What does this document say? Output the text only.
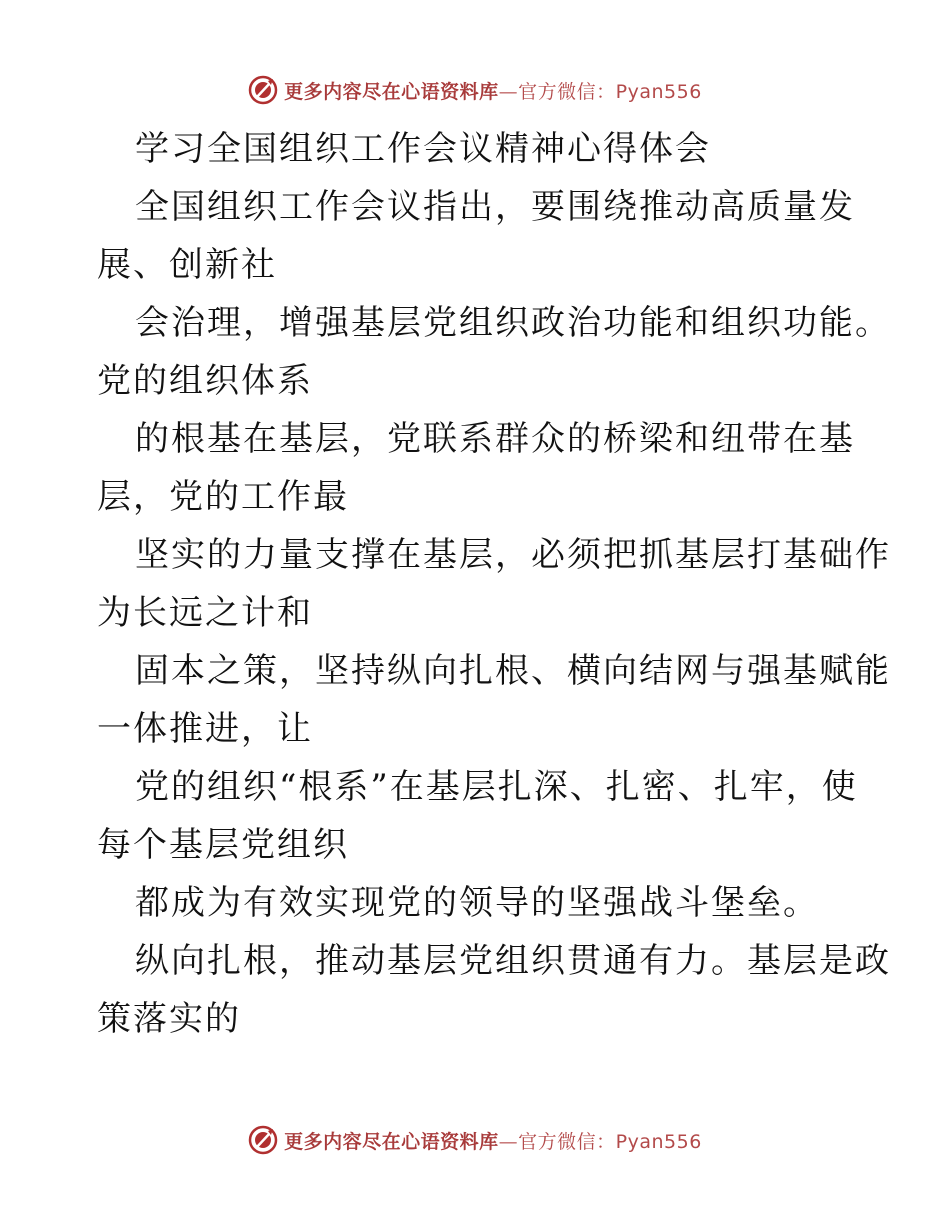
更多内容尽在心语资料库—官方微信：Pyan556
学习全国组织工作会议精神心得体会
全国组织工作会议指出，要围绕推动高质量发
展、创新社
会治理，增强基层党组织政治功能和组织功能。
党的组织体系
的根基在基层，党联系群众的桥梁和纽带在基
层，党的工作最
坚实的力量支撑在基层，必须把抓基层打基础作
为长远之计和
固本之策，坚持纵向扎根、横向结网与强基赋能
一体推进，让
党的组织“根系”在基层扎深、扎密、扎牢，使
每个基层党组织
都成为有效实现党的领导的坚强战斗堡垒。
纵向扎根，推动基层党组织贯通有力。基层是政
策落实的
更多内容尽在心语资料库—官方微信：Pyan556
